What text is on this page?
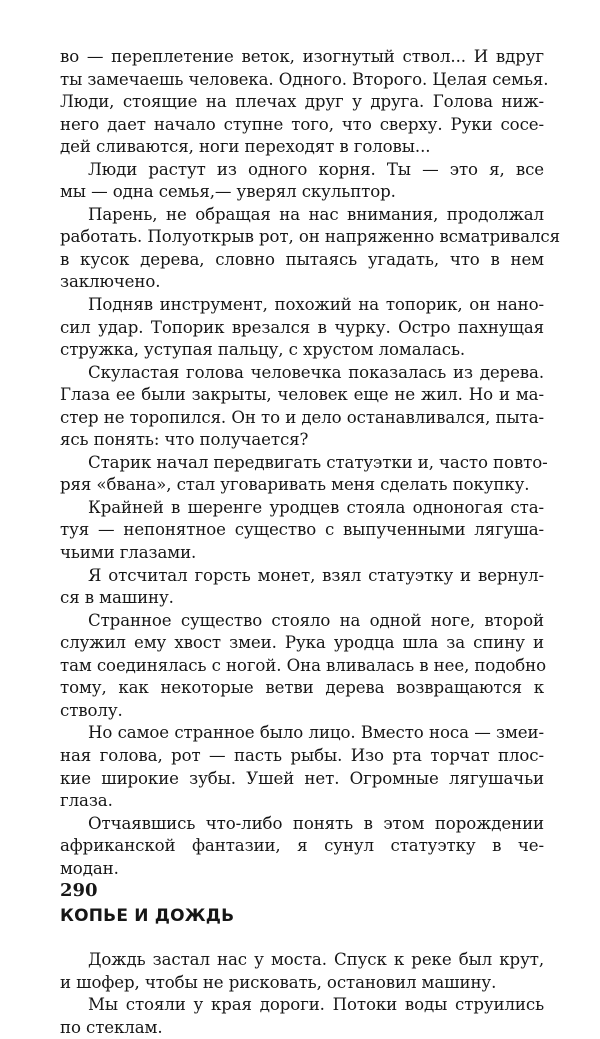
во — переплетение веток, изогнутый ствол... И вдруг
ты замечаешь человека. Одного. Второго. Целая семья.
Люди, стоящие на плечах друг у друга. Голова ниж-
него дает начало ступне того, что сверху. Руки сосе-
дей сливаются, ноги переходят в головы...
Люди растут из одного корня. Ты — это я, все
мы — одна семья,— уверял скульптор.
Парень, не обращая на нас внимания, продолжал
работать. Полуоткрыв рот, он напряженно всматривался
в кусок дерева, словно пытаясь угадать, что в нем
заключено.
Подняв инструмент, похожий на топорик, он нано-
сил удар. Топорик врезался в чурку. Остро пахнущая
стружка, уступая пальцу, с хрустом ломалась.
Скуластая голова человечка показалась из дерева.
Глаза ее были закрыты, человек еще не жил. Но и ма-
стер не торопился. Он то и дело останавливался, пыта-
ясь понять: что получается?
Старик начал передвигать статуэтки и, часто повто-
ряя «бвана», стал уговаривать меня сделать покупку.
Крайней в шеренге уродцев стояла одноногая ста-
туя — непонятное существо с выпученными лягуша-
чьими глазами.
Я отсчитал горсть монет, взял статуэтку и вернул-
ся в машину.
Странное существо стояло на одной ноге, второй
служил ему хвост змеи. Рука уродца шла за спину и
там соединялась с ногой. Она вливалась в нее, подобно
тому, как некоторые ветви дерева возвращаются к
стволу.
Но самое странное было лицо. Вместо носа — змеи-
ная голова, рот — пасть рыбы. Изо рта торчат плос-
кие широкие зубы. Ушей нет. Огромные лягушачьи
глаза.
Отчаявшись что-либо понять в этом порождении
африканской фантазии, я сунул статуэтку в че-
модан.
КОПЬЕ И ДОЖДЬ
Дождь застал нас у моста. Спуск к реке был крут,
и шофер, чтобы не рисковать, остановил машину.
Мы стояли у края дороги. Потоки воды струились
по стеклам.
290
